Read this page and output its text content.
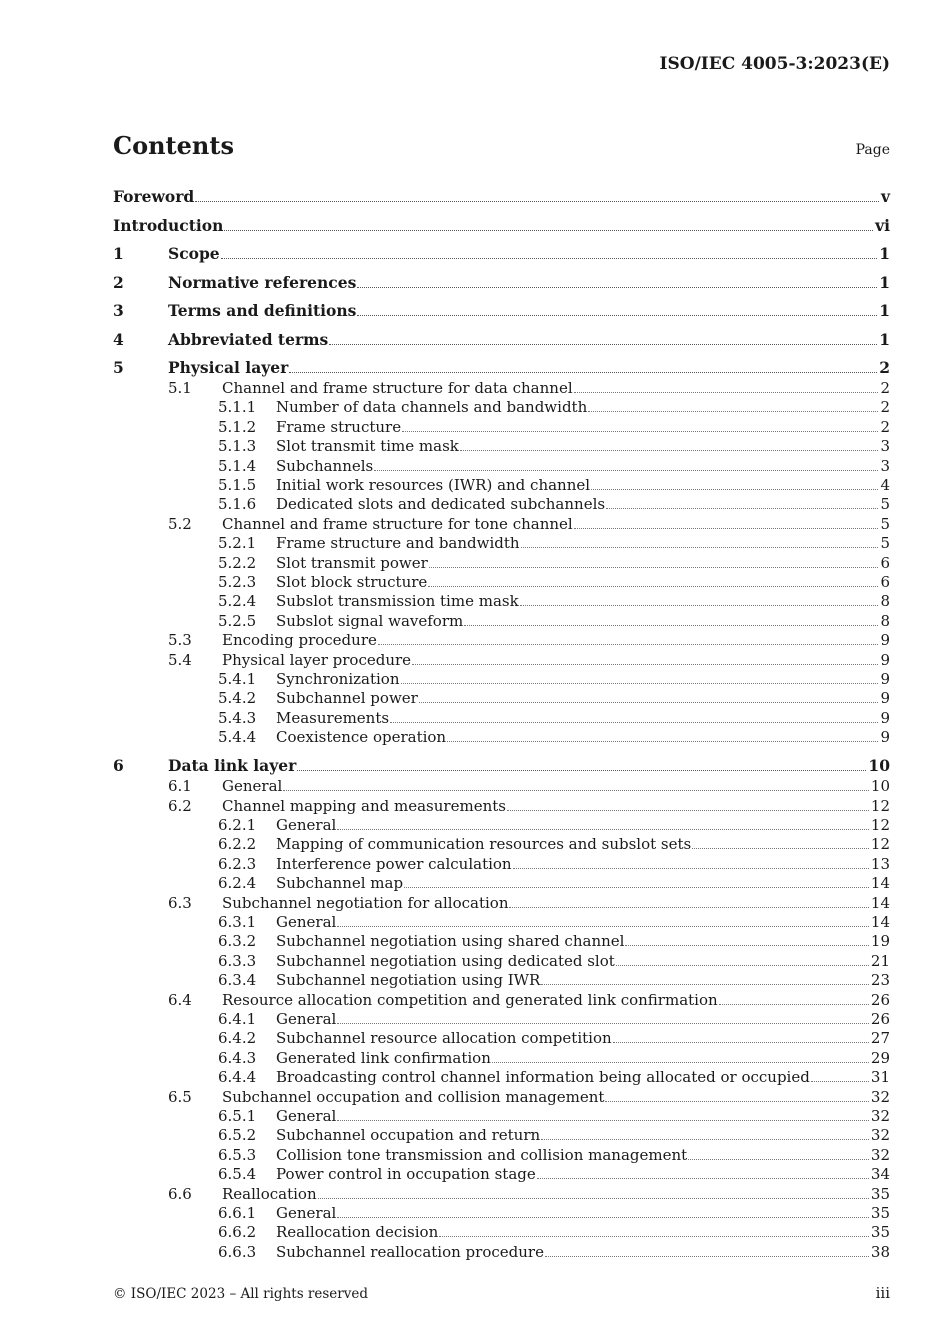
ISO/IEC 4005-3:2023(E)
Contents	Page
Foreword	v
Introduction	vi
1	Scope	1
2	Normative references	1
3	Terms and definitions	1
4	Abbreviated terms	1
5	Physical layer	2
5.1 Channel and frame structure for data channel	2
5.1.1 Number of data channels and bandwidth	2
5.1.2 Frame structure	2
5.1.3 Slot transmit time mask	3
5.1.4 Subchannels	3
5.1.5 Initial work resources (IWR) and channel	4
5.1.6 Dedicated slots and dedicated subchannels	5
5.2 Channel and frame structure for tone channel	5
5.2.1 Frame structure and bandwidth	5
5.2.2 Slot transmit power	6
5.2.3 Slot block structure	6
5.2.4 Subslot transmission time mask	8
5.2.5 Subslot signal waveform	8
5.3 Encoding procedure	9
5.4 Physical layer procedure	9
5.4.1 Synchronization	9
5.4.2 Subchannel power	9
5.4.3 Measurements	9
5.4.4 Coexistence operation	9
6	Data link layer	10
6.1 General	10
6.2 Channel mapping and measurements	12
6.2.1 General	12
6.2.2 Mapping of communication resources and subslot sets	12
6.2.3 Interference power calculation	13
6.2.4 Subchannel map	14
6.3 Subchannel negotiation for allocation	14
6.3.1 General	14
6.3.2 Subchannel negotiation using shared channel	19
6.3.3 Subchannel negotiation using dedicated slot	21
6.3.4 Subchannel negotiation using IWR	23
6.4 Resource allocation competition and generated link confirmation	26
6.4.1 General	26
6.4.2 Subchannel resource allocation competition	27
6.4.3 Generated link confirmation	29
6.4.4 Broadcasting control channel information being allocated or occupied	31
6.5 Subchannel occupation and collision management	32
6.5.1 General	32
6.5.2 Subchannel occupation and return	32
6.5.3 Collision tone transmission and collision management	32
6.5.4 Power control in occupation stage	34
6.6 Reallocation	35
6.6.1 General	35
6.6.2 Reallocation decision	35
6.6.3 Subchannel reallocation procedure	38
© ISO/IEC 2023 – All rights reserved	iii
